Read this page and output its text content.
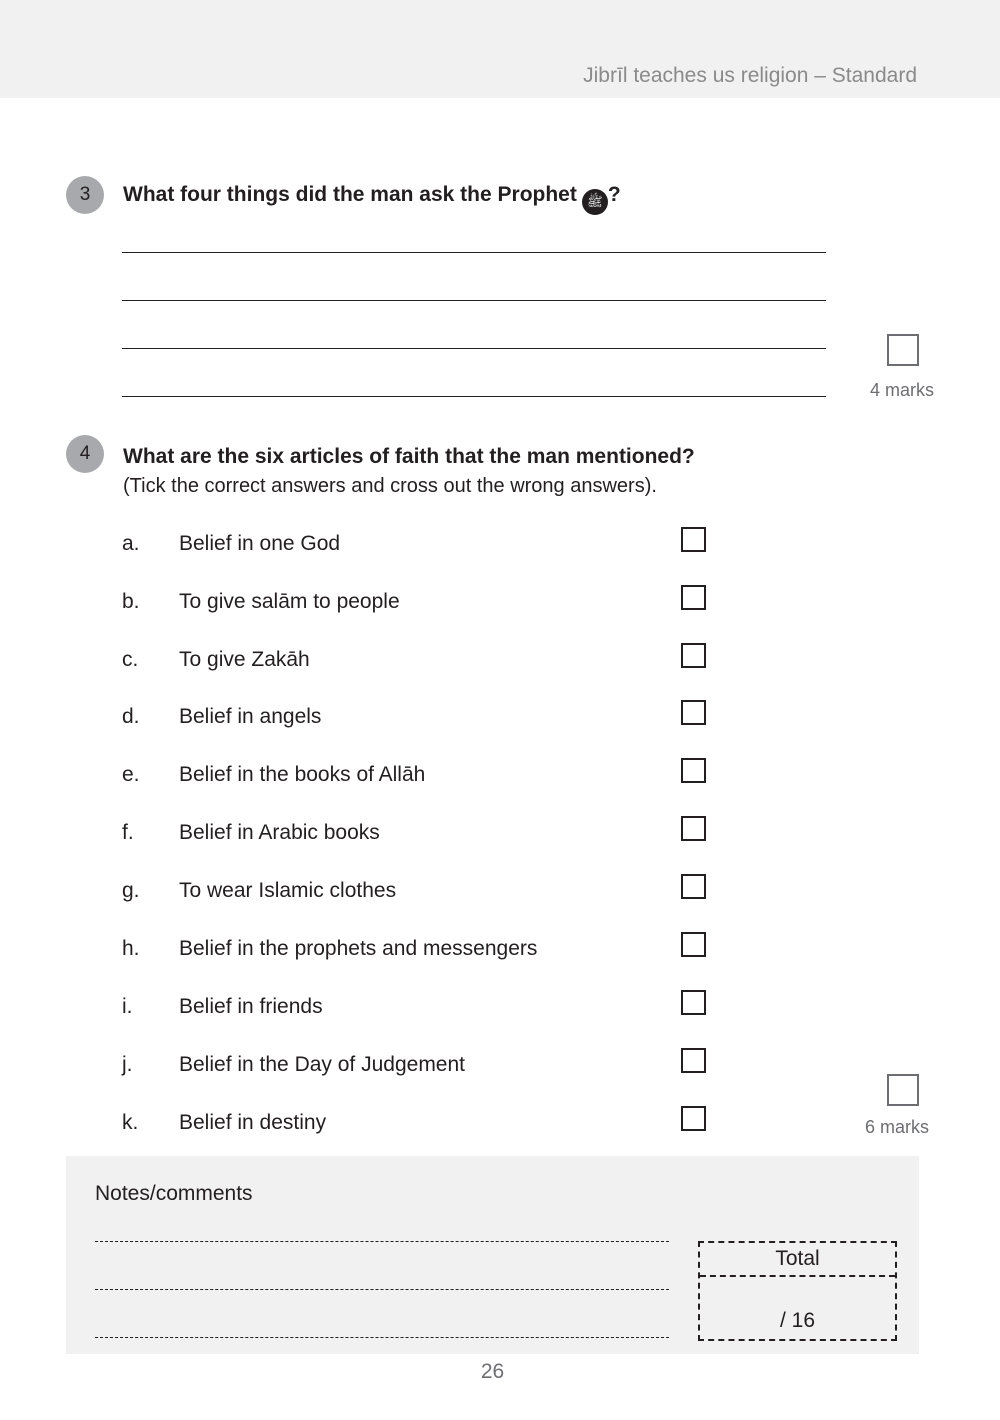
Jibrīl teaches us religion – Standard
3	What four things did the man ask the Prophet ﷺ ?
4 marks
4	What are the six articles of faith that the man mentioned?
(Tick the correct answers and cross out the wrong answers).
a. Belief in one God
b. To give salām to people
c. To give Zakāh
d. Belief in angels
e. Belief in the books of Allāh
f. Belief in Arabic books
g. To wear Islamic clothes
h. Belief in the prophets and messengers
i. Belief in friends
j. Belief in the Day of Judgement
k. Belief in destiny	6 marks
Notes/comments
Total
/ 16
26
